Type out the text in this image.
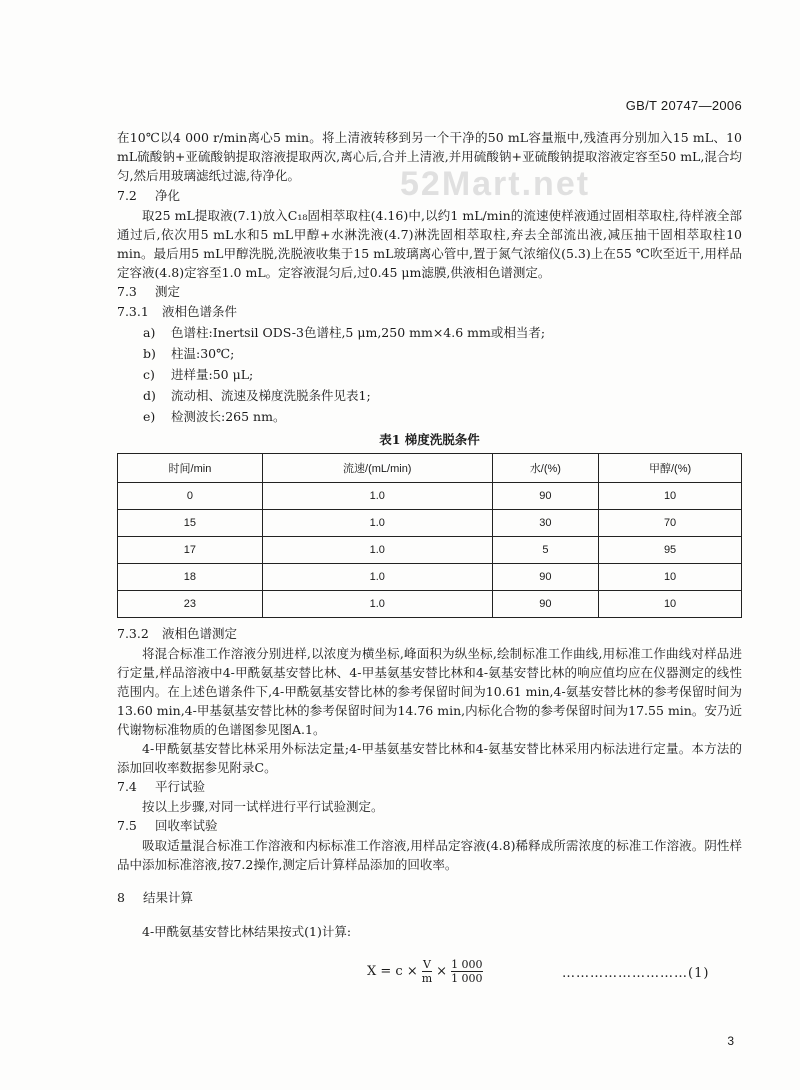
GB/T 20747—2006
52Mart.net

在10℃以4 000 r/min离心5 min。将上清液转移到另一个干净的50 mL容量瓶中,残渣再分别加入15 mL、10 mL硫酸钠+亚硫酸钠提取溶液提取两次,离心后,合并上清液,并用硫酸钠+亚硫酸钠提取溶液定容至50 mL,混合均匀,然后用玻璃滤纸过滤,待净化。

7.2 净化

取25 mL提取液(7.1)放入C₁₈固相萃取柱(4.16)中,以约1 mL/min的流速使样液通过固相萃取柱,待样液全部通过后,依次用5 mL水和5 mL甲醇+水淋洗液(4.7)淋洗固相萃取柱,弃去全部流出液,减压抽干固相萃取柱10 min。最后用5 mL甲醇洗脱,洗脱液收集于15 mL玻璃离心管中,置于氮气浓缩仪(5.3)上在55 ℃吹至近干,用样品定容液(4.8)定容至1.0 mL。定容液混匀后,过0.45 μm滤膜,供液相色谱测定。

7.3 测定
7.3.1 液相色谱条件
a) 色谱柱:Inertsil ODS-3色谱柱,5 μm,250 mm×4.6 mm或相当者;
b) 柱温:30℃;
c) 进样量:50 μL;
d) 流动相、流速及梯度洗脱条件见表1;
e) 检测波长:265 nm。
表1 梯度洗脱条件
时间/min	流速/(mL/min)	水/(%)	甲醇/(%)
0	1.0	90	10
15	1.0	30	70
17	1.0	5	95
18	1.0	90	10
23	1.0	90	10
7.3.2 液相色谱测定

将混合标准工作溶液分别进样,以浓度为横坐标,峰面积为纵坐标,绘制标准工作曲线,用标准工作曲线对样品进行定量,样品溶液中4-甲酰氨基安替比林、4-甲基氨基安替比林和4-氨基安替比林的响应值均应在仪器测定的线性范围内。在上述色谱条件下,4-甲酰氨基安替比林的参考保留时间为10.61 min,4-氨基安替比林的参考保留时间为13.60 min,4-甲基氨基安替比林的参考保留时间为14.76 min,内标化合物的参考保留时间为17.55 min。安乃近代谢物标准物质的色谱图参见图A.1。

4-甲酰氨基安替比林采用外标法定量;4-甲基氨基安替比林和4-氨基安替比林采用内标法进行定量。本方法的添加回收率数据参见附录C。

7.4 平行试验

按以上步骤,对同一试样进行平行试验测定。

7.5 回收率试验

吸取适量混合标准工作溶液和内标标准工作溶液,用样品定容液(4.8)稀释成所需浓度的标准工作溶液。阴性样品中添加标准溶液,按7.2操作,测定后计算样品添加的回收率。

8 结果计算
4-甲酰氨基安替比林结果按式(1)计算:
$X = c \times \frac{V}{m} \times \frac{1 000}{1 000}$	………………………(1)
3
